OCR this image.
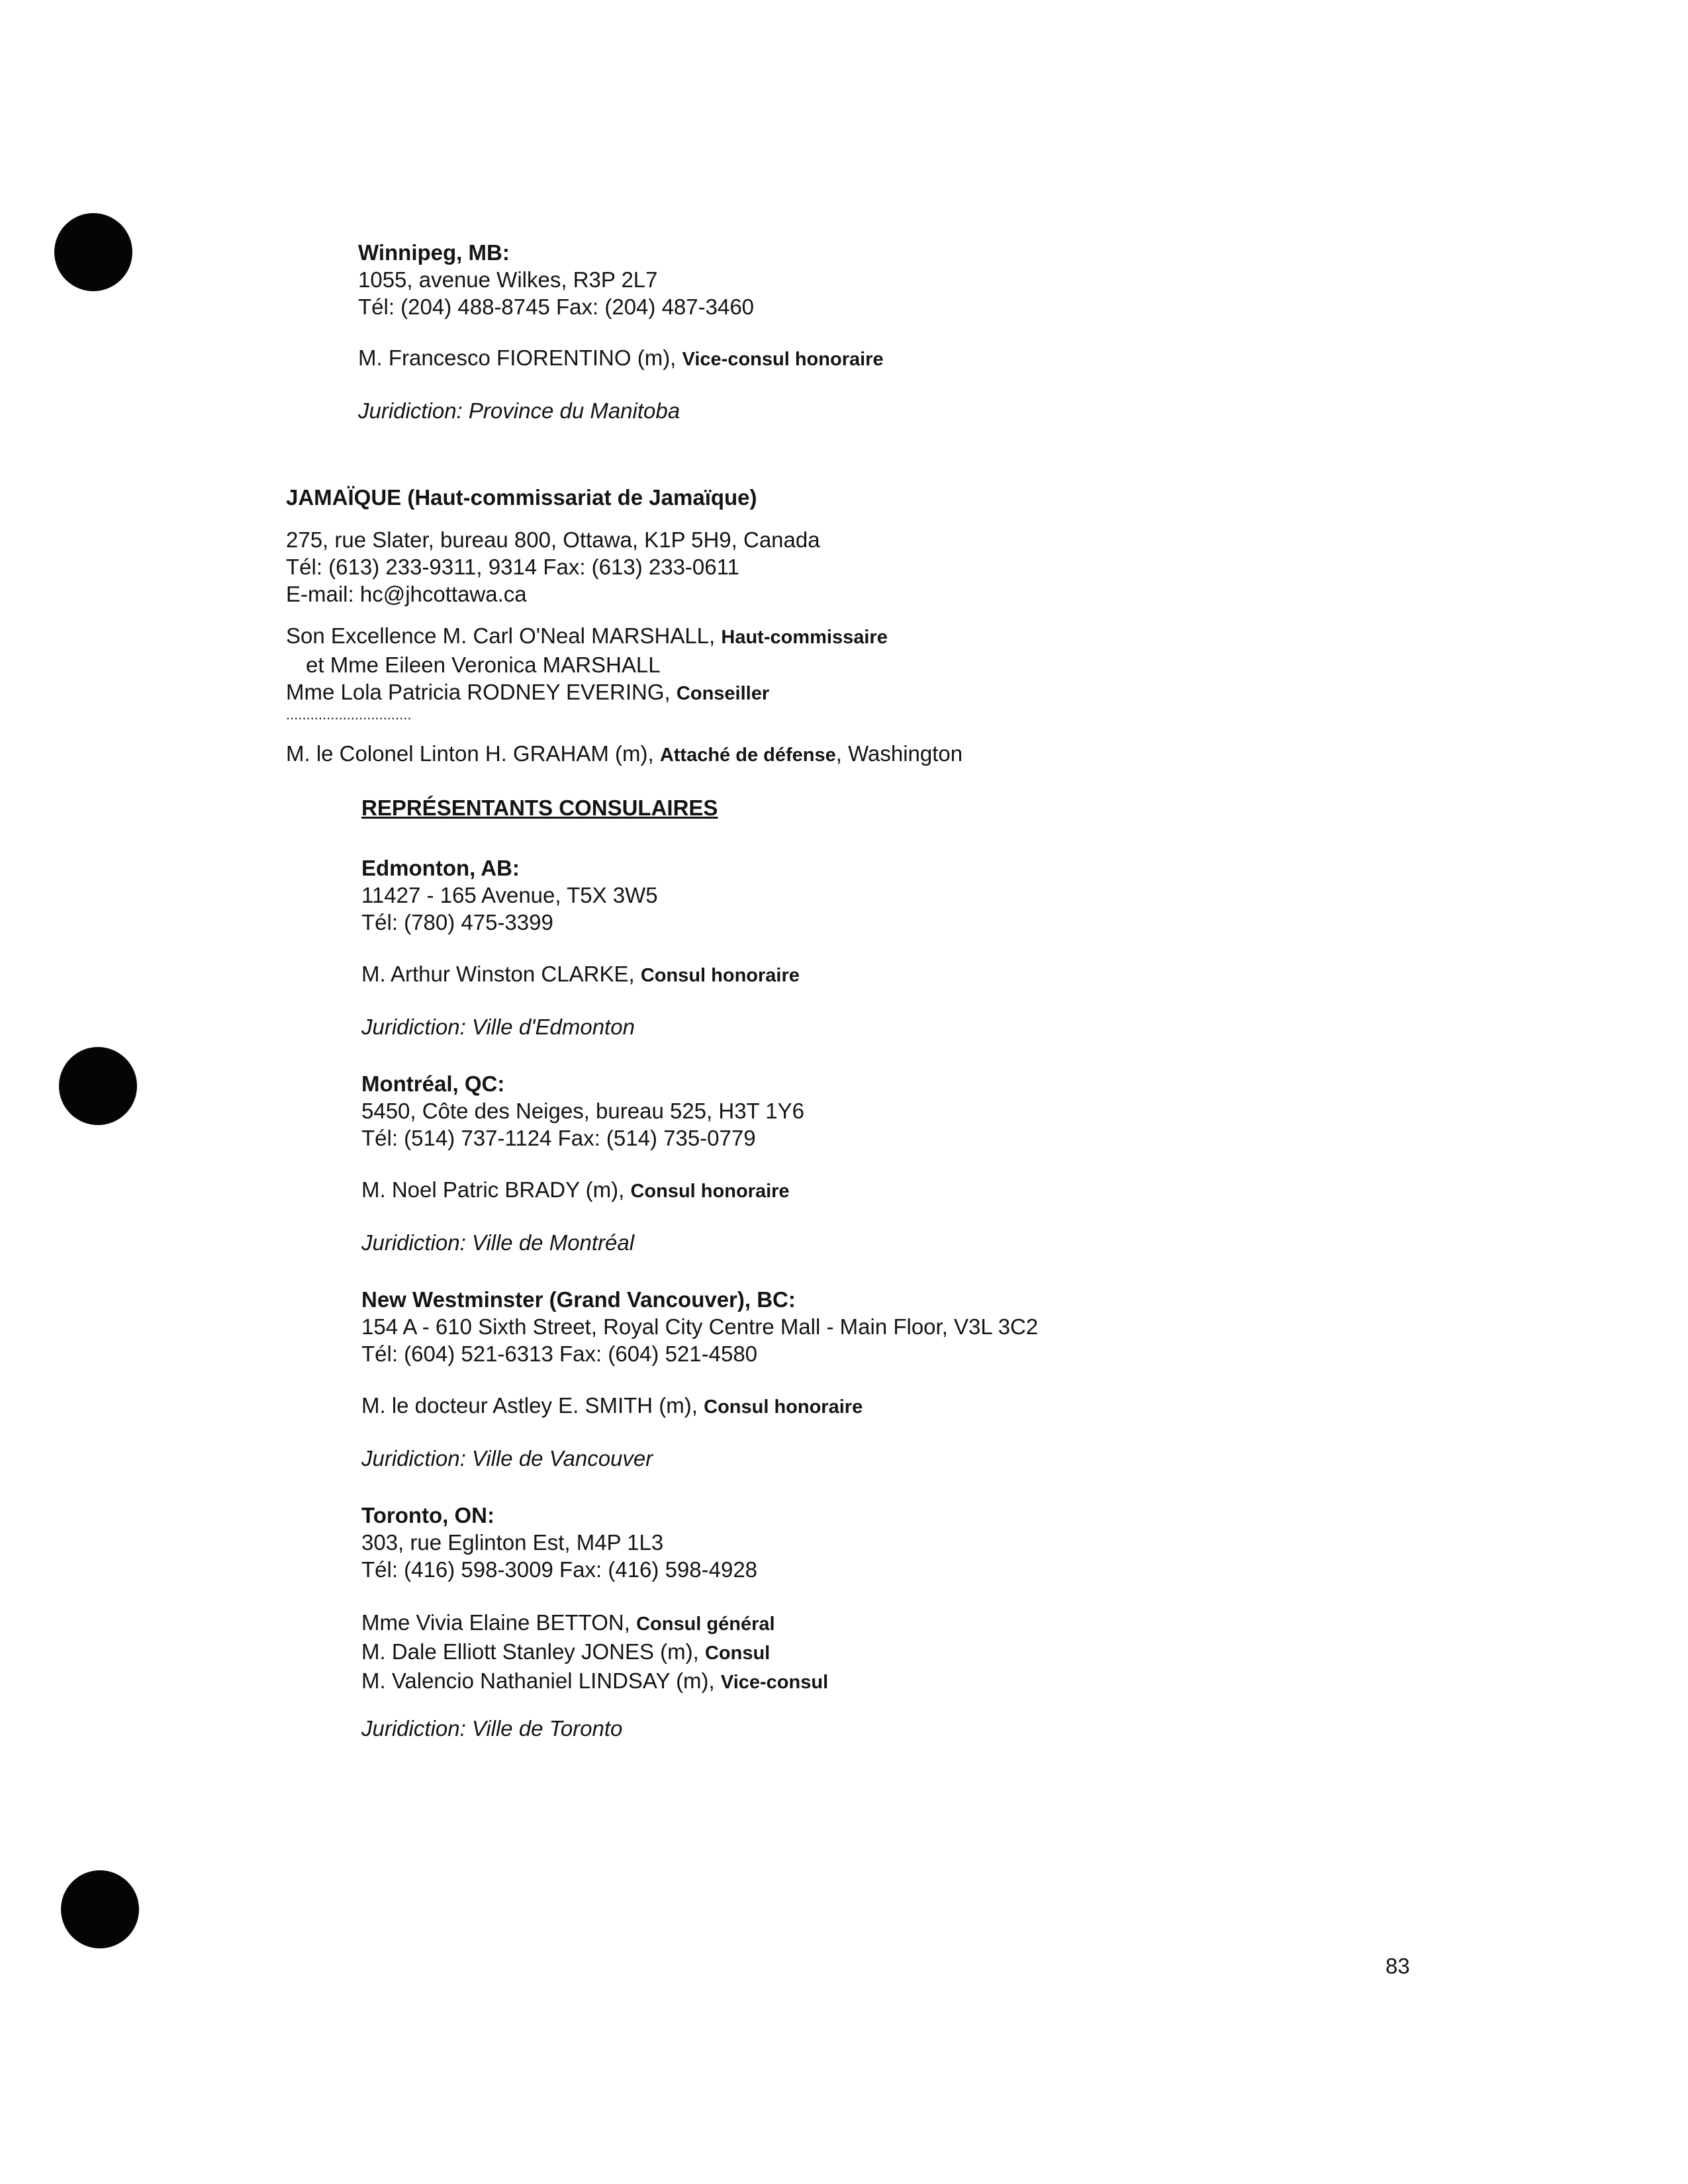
Winnipeg, MB:
1055, avenue Wilkes, R3P 2L7
Tél: (204) 488-8745 Fax: (204) 487-3460
M. Francesco FIORENTINO (m), Vice-consul honoraire
Juridiction: Province du Manitoba
JAMAÏQUE (Haut-commissariat de Jamaïque)
275, rue Slater, bureau 800, Ottawa, K1P 5H9, Canada
Tél: (613) 233-9311, 9314 Fax: (613) 233-0611
E-mail: hc@jhcottawa.ca
Son Excellence M. Carl O'Neal MARSHALL, Haut-commissaire
et Mme Eileen Veronica MARSHALL
Mme Lola Patricia RODNEY EVERING, Conseiller
...............................
M. le Colonel Linton H. GRAHAM (m), Attaché de défense, Washington
REPRÉSENTANTS CONSULAIRES
Edmonton, AB:
11427 - 165 Avenue, T5X 3W5
Tél: (780) 475-3399
M. Arthur Winston CLARKE, Consul honoraire
Juridiction: Ville d'Edmonton
Montréal, QC:
5450, Côte des Neiges, bureau 525, H3T 1Y6
Tél: (514) 737-1124 Fax: (514) 735-0779
M. Noel Patric BRADY (m), Consul honoraire
Juridiction: Ville de Montréal
New Westminster (Grand Vancouver), BC:
154 A - 610 Sixth Street, Royal City Centre Mall - Main Floor, V3L 3C2
Tél: (604) 521-6313 Fax: (604) 521-4580
M. le docteur Astley E. SMITH (m), Consul honoraire
Juridiction: Ville de Vancouver
Toronto, ON:
303, rue Eglinton Est, M4P 1L3
Tél: (416) 598-3009 Fax: (416) 598-4928
Mme Vivia Elaine BETTON, Consul général
M. Dale Elliott Stanley JONES (m), Consul
M. Valencio Nathaniel LINDSAY (m), Vice-consul
Juridiction: Ville de Toronto
83
